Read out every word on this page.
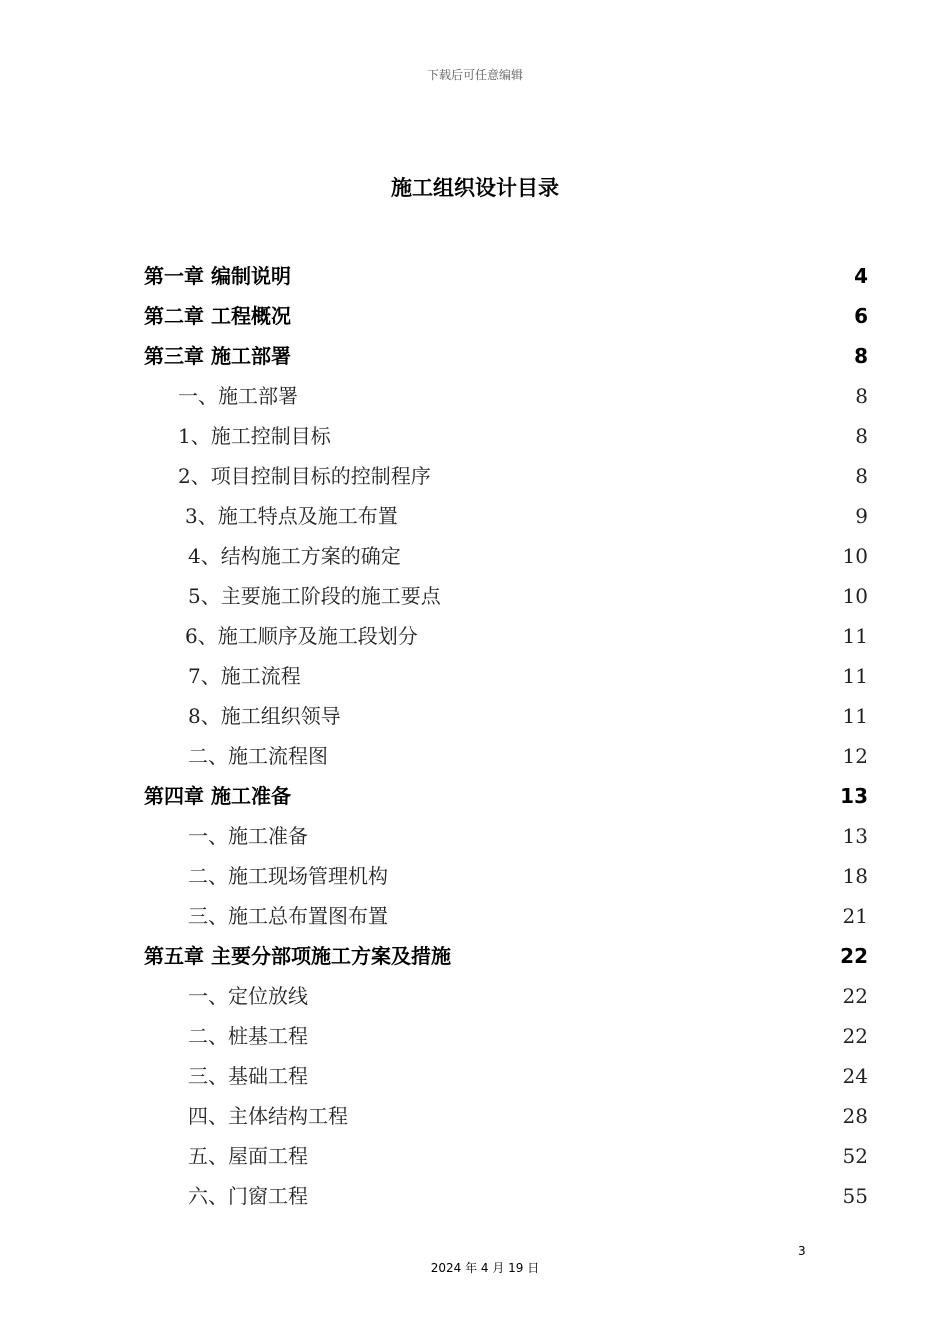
下载后可任意编辑
施工组织设计目录
第一章 编制说明	4
第二章 工程概况	6
第三章 施工部署	8
一、施工部署	8
1、施工控制目标	8
2、项目控制目标的控制程序	8
3、施工特点及施工布置	9
4、结构施工方案的确定	10
5、主要施工阶段的施工要点	10
6、施工顺序及施工段划分	11
7、施工流程	11
8、施工组织领导	11
二、施工流程图	12
第四章 施工准备	13
一、施工准备	13
二、施工现场管理机构	18
三、施工总布置图布置	21
第五章 主要分部项施工方案及措施	22
一、定位放线	22
二、桩基工程	22
三、基础工程	24
四、主体结构工程	28
五、屋面工程	52
六、门窗工程	55
3
2024 年 4 月 19 日
